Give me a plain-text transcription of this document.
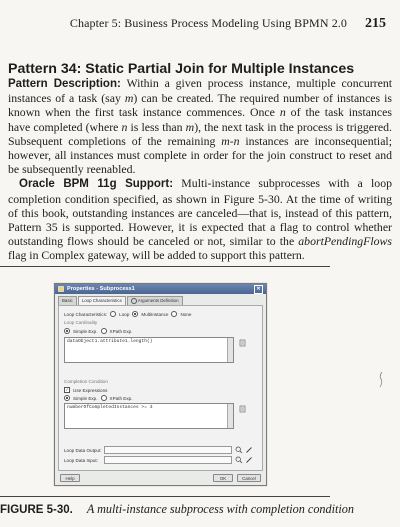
Chapter 5: Business Process Modeling Using BPMN 2.0 215
Pattern 34: Static Partial Join for Multiple Instances

Pattern Description: Within a given process instance, multiple concurrent instances of a task (say m) can be created. The required number of instances is known when the first task instance commences. Once n of the task instances have completed (where n is less than m), the next task in the process is triggered. Subsequent completions of the remaining m-n instances are inconsequential; however, all instances must complete in order for the join construct to reset and be subsequently reenabled.

Oracle BPM 11g Support: Multi-instance subprocesses with a loop completion condition specified, as shown in Figure 5-30. At the time of writing of this book, outstanding instances are canceled—that is, instead of this pattern, Pattern 35 is supported. However, it is expected that a flag to control whether outstanding flows should be canceled or not, similar to the abortPendingFlows flag in Complex gateway, will be added to support this pattern.

Properties - Subprocess1	✕
Basic	Loop Characteristics	Arguments Definition
Loop Characteristics:	Loop	MultiInstance	None
Loop Cardinality
Simple Exp.	XPath Exp.
dataObject1.attribute1.length()
Completion Condition
✓ Use Expressions
Simple Exp.	XPath Exp.
numberOfCompletedInstances >= 3
Loop Data Output:
Loop Data Input:
Help	OK	Cancel
FIGURE 5-30. A multi-instance subprocess with completion condition
